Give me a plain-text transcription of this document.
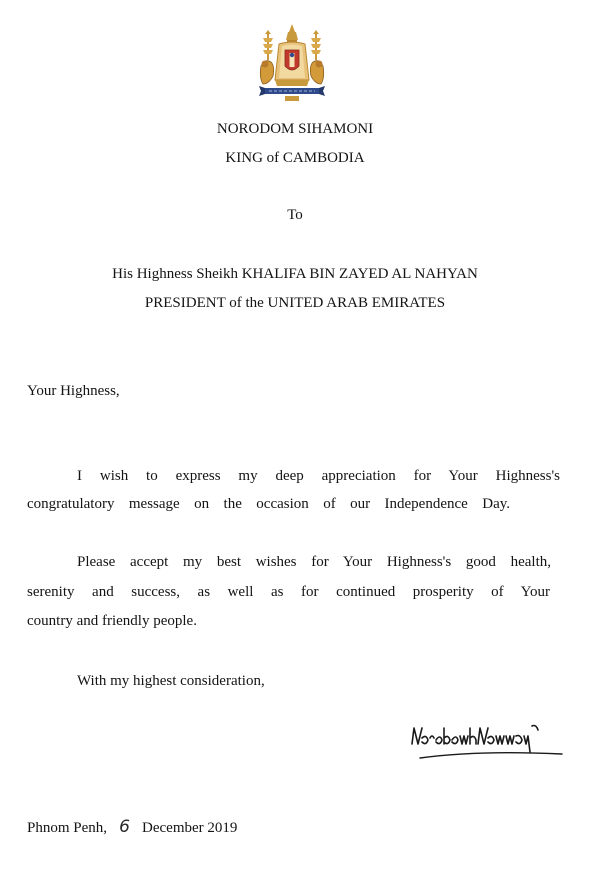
NORODOM SIHAMONI
KING of CAMBODIA
To
His Highness Sheikh KHALIFA BIN ZAYED AL NAHYAN
PRESIDENT of the UNITED ARAB EMIRATES
Your Highness,
I wish to express my deep appreciation for Your Highness's
congratulatory message on the occasion of our Independence Day.
Please accept my best wishes for Your Highness's good health,
serenity and success, as well as for continued prosperity of Your
country and friendly people.
With my highest consideration,
Phnom Penh, 6 December 2019
